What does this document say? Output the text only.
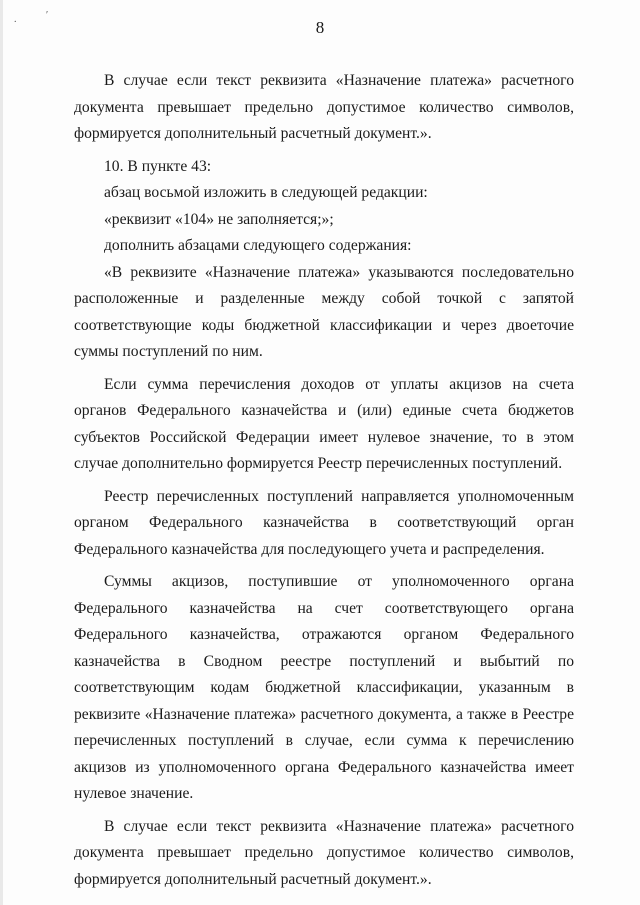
.	′
8

В случае если текст реквизита «Назначение платежа» расчетного документа превышает предельно допустимое количество символов, формируется дополнительный расчетный документ.».

10. В пункте 43:

абзац восьмой изложить в следующей редакции:

«реквизит «104» не заполняется;»;

дополнить абзацами следующего содержания:

«В реквизите «Назначение платежа» указываются последовательно расположенные и разделенные между собой точкой с запятой соответствующие коды бюджетной классификации и через двоеточие суммы поступлений по ним.

Если сумма перечисления доходов от уплаты акцизов на счета органов Федерального казначейства и (или) единые счета бюджетов субъектов Российской Федерации имеет нулевое значение, то в этом случае дополнительно формируется Реестр перечисленных поступлений.

Реестр перечисленных поступлений направляется уполномоченным органом Федерального казначейства в соответствующий орган Федерального казначейства для последующего учета и распределения.

Суммы акцизов, поступившие от уполномоченного органа Федерального казначейства на счет соответствующего органа Федерального казначейства, отражаются органом Федерального казначейства в Сводном реестре поступлений и выбытий по соответствующим кодам бюджетной классификации, указанным в реквизите «Назначение платежа» расчетного документа, а также в Реестре перечисленных поступлений в случае, если сумма к перечислению акцизов из уполномоченного органа Федерального казначейства имеет нулевое значение.

В случае если текст реквизита «Назначение платежа» расчетного документа превышает предельно допустимое количество символов, формируется дополнительный расчетный документ.».
